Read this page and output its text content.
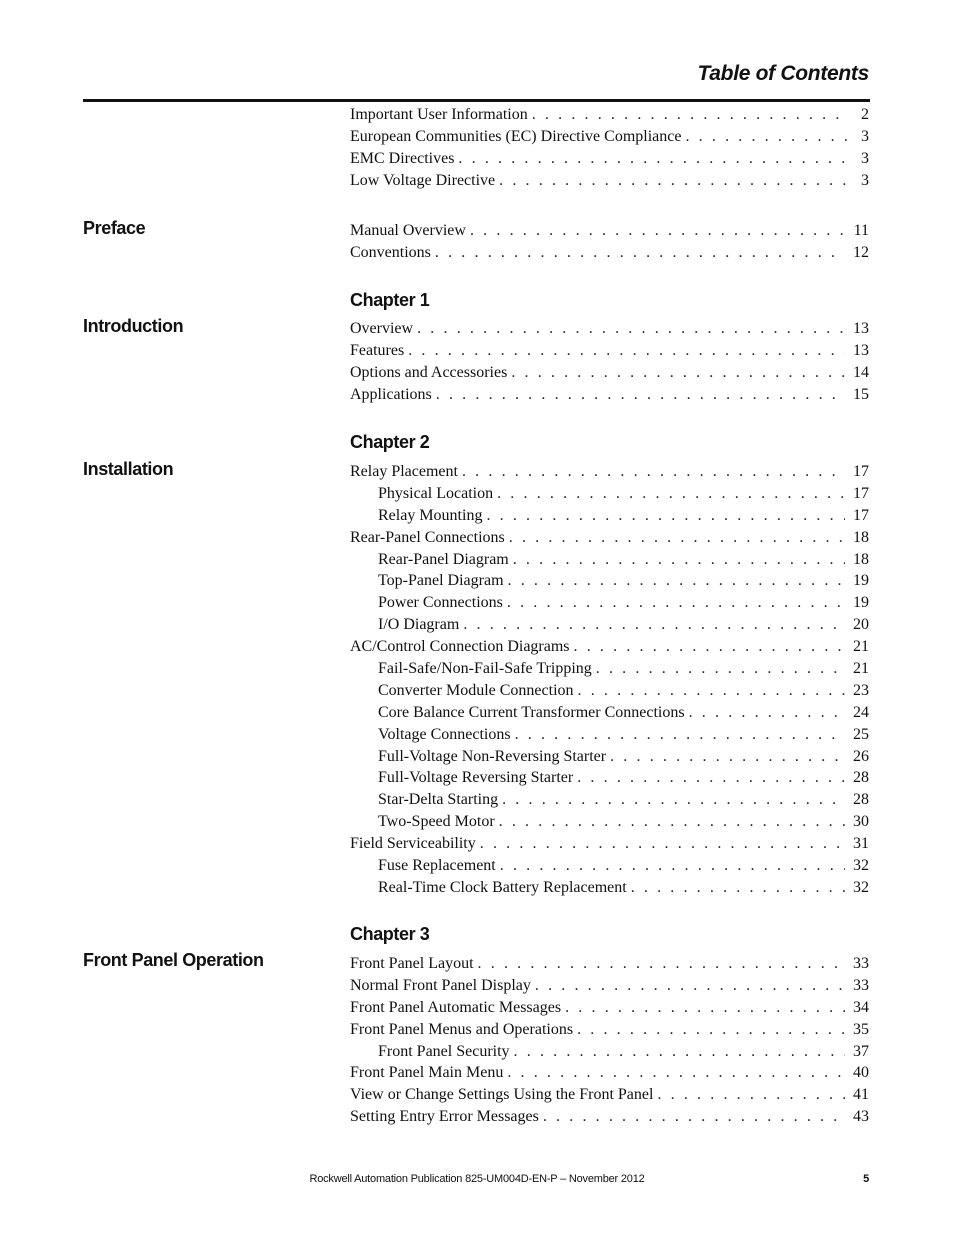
Table of Contents
Important User Information . . .	2
European Communities (EC) Directive Compliance . . .	3
EMC Directives . . .	3
Low Voltage Directive . . .	3
Preface	Manual Overview . . .	11
Conventions . . .	12
Chapter 1
Introduction	Overview . . .	13
Features . . .	13
Options and Accessories . . .	14
Applications . . .	15
Chapter 2
Installation	Relay Placement . . .	17
Physical Location . . .	17
Relay Mounting . . .	17
Rear-Panel Connections . . .	18
Rear-Panel Diagram . . .	18
Top-Panel Diagram . . .	19
Power Connections . . .	19
I/O Diagram . . .	20
AC/Control Connection Diagrams . . .	21
Fail-Safe/Non-Fail-Safe Tripping . . .	21
Converter Module Connection . . .	23
Core Balance Current Transformer Connections . . .	24
Voltage Connections . . .	25
Full-Voltage Non-Reversing Starter . . .	26
Full-Voltage Reversing Starter . . .	28
Star-Delta Starting . . .	28
Two-Speed Motor . . .	30
Field Serviceability . . .	31
Fuse Replacement . . .	32
Real-Time Clock Battery Replacement . . .	32
Chapter 3
Front Panel Operation	Front Panel Layout . . .	33
Normal Front Panel Display . . .	33
Front Panel Automatic Messages . . .	34
Front Panel Menus and Operations . . .	35
Front Panel Security . . .	37
Front Panel Main Menu . . .	40
View or Change Settings Using the Front Panel . . .	41
Setting Entry Error Messages . . .	43
Rockwell Automation Publication 825-UM004D-EN-P – November 2012	5
